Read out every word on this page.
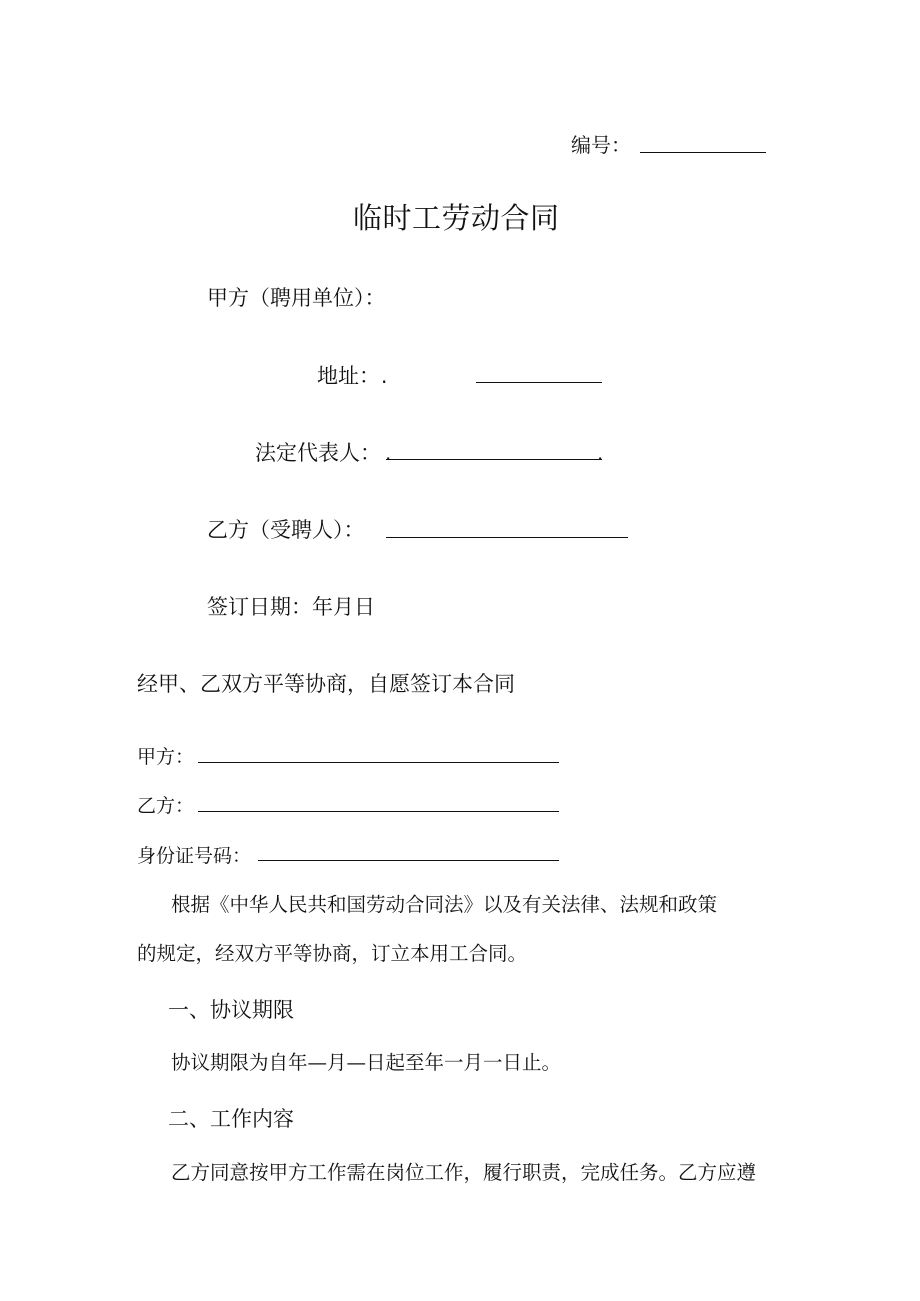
编号：
临时工劳动合同
甲方（聘用单位）：
地址： .
法定代表人： .	.
乙方（受聘人）：
签订日期：年月日
经甲、乙双方平等协商，自愿签订本合同
甲方：
乙方：
身份证号码：
根据《中华人民共和国劳动合同法》以及有关法律、法规和政策
的规定，经双方平等协商，订立本用工合同。
一、协议期限
协议期限为自年—月—日起至年一月一日止。
二、工作内容
乙方同意按甲方工作需在岗位工作，履行职责，完成任务。乙方应遵
